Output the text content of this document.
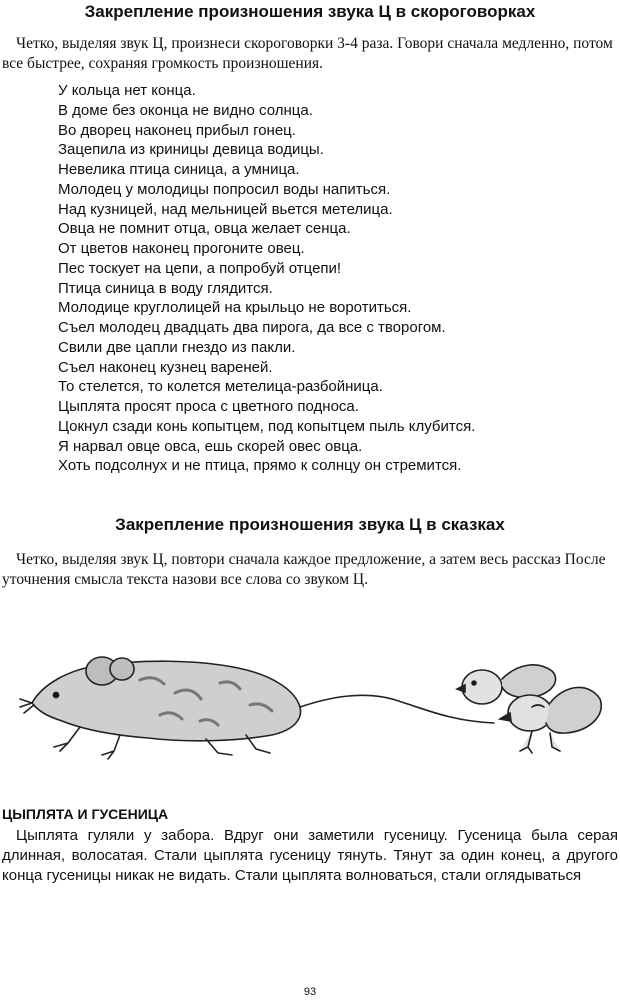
Закрепление произношения звука Ц в скороговорках

Четко, выделяя звук Ц, произнеси скороговорки 3-4 раза. Говори сначала медленно, потом все быстрее, сохраняя громкость произношения.

У кольца нет конца.
В доме без оконца не видно солнца.
Во дворец наконец прибыл гонец.
Зацепила из криницы девица водицы.
Невелика птица синица, а умница.
Молодец у молодицы попросил воды напиться.
Над кузницей, над мельницей вьется метелица.
Овца не помнит отца, овца желает сенца.
От цветов наконец прогоните овец.
Пес тоскует на цепи, а попробуй отцепи!
Птица синица в воду глядится.
Молодице круглолицей на крыльцо не воротиться.
Съел молодец двадцать два пирога, да все с творогом.
Свили две цапли гнездо из пакли.
Съел наконец кузнец вареней.
То стелется, то колется метелица-разбойница.
Цыплята просят проса с цветного подноса.
Цокнул сзади конь копытцем, под копытцем пыль клубится.
Я нарвал овце овса, ешь скорей овес овца.
Хоть подсолнух и не птица, прямо к солнцу он стремится.
Закрепление произношения звука Ц в сказках

Четко, выделяя звук Ц, повтори сначала каждое предложение, а затем весь рассказ После уточнения смысла текста назови все слова со звуком Ц.

ЦЫПЛЯТА И ГУСЕНИЦА

Цыплята гуляли у забора. Вдруг они заметили гусеницу. Гусеница была серая длинная, волосатая. Стали цыплята гусеницу тянуть. Тянут за один конец, а другого конца гусеницы никак не видать. Стали цыплята волноваться, стали оглядываться

93
